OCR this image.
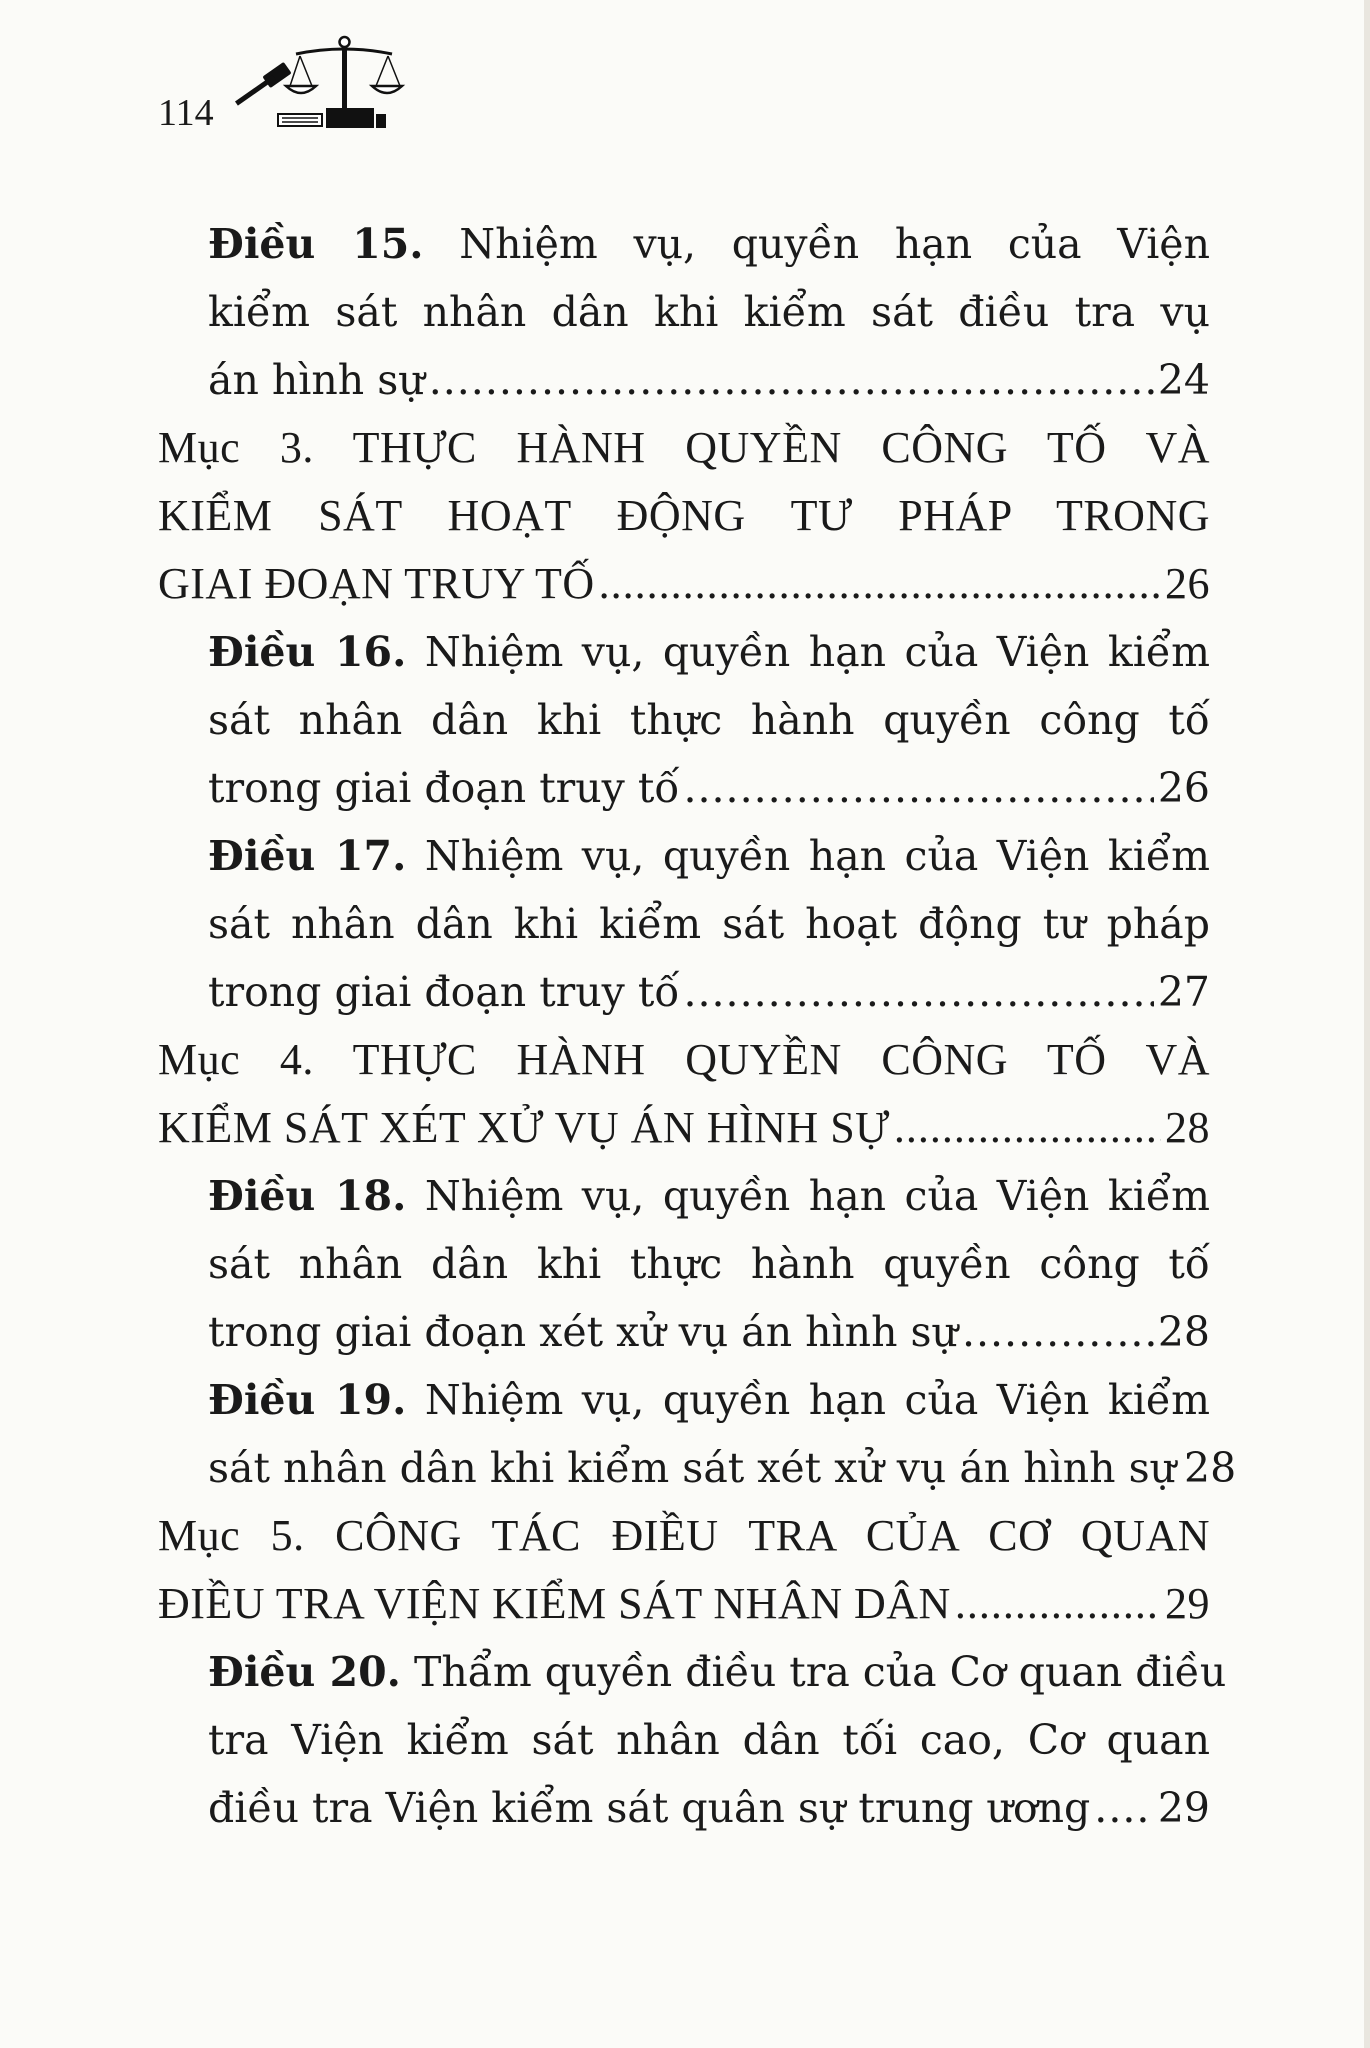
114
Điều 15. Nhiệm vụ, quyền hạn của Viện
kiểm sát nhân dân khi kiểm sát điều tra vụ
án hình sự .....	24
Mục 3. THỰC HÀNH QUYỀN CÔNG TỐ VÀ
KIỂM SÁT HOẠT ĐỘNG TƯ PHÁP TRONG
GIAI ĐOẠN TRUY TỐ .....	26
Điều 16. Nhiệm vụ, quyền hạn của Viện kiểm
sát nhân dân khi thực hành quyền công tố
trong giai đoạn truy tố .....	26
Điều 17. Nhiệm vụ, quyền hạn của Viện kiểm
sát nhân dân khi kiểm sát hoạt động tư pháp
trong giai đoạn truy tố .....	27
Mục 4. THỰC HÀNH QUYỀN CÔNG TỐ VÀ
KIỂM SÁT XÉT XỬ VỤ ÁN HÌNH SỰ .....	28
Điều 18. Nhiệm vụ, quyền hạn của Viện kiểm
sát nhân dân khi thực hành quyền công tố
trong giai đoạn xét xử vụ án hình sự .....	28
Điều 19. Nhiệm vụ, quyền hạn của Viện kiểm
sát nhân dân khi kiểm sát xét xử vụ án hình sự 28
Mục 5. CÔNG TÁC ĐIỀU TRA CỦA CƠ QUAN
ĐIỀU TRA VIỆN KIỂM SÁT NHÂN DÂN .....	29
Điều 20. Thẩm quyền điều tra của Cơ quan điều
tra Viện kiểm sát nhân dân tối cao, Cơ quan
điều tra Viện kiểm sát quân sự trung ương ..... 29
